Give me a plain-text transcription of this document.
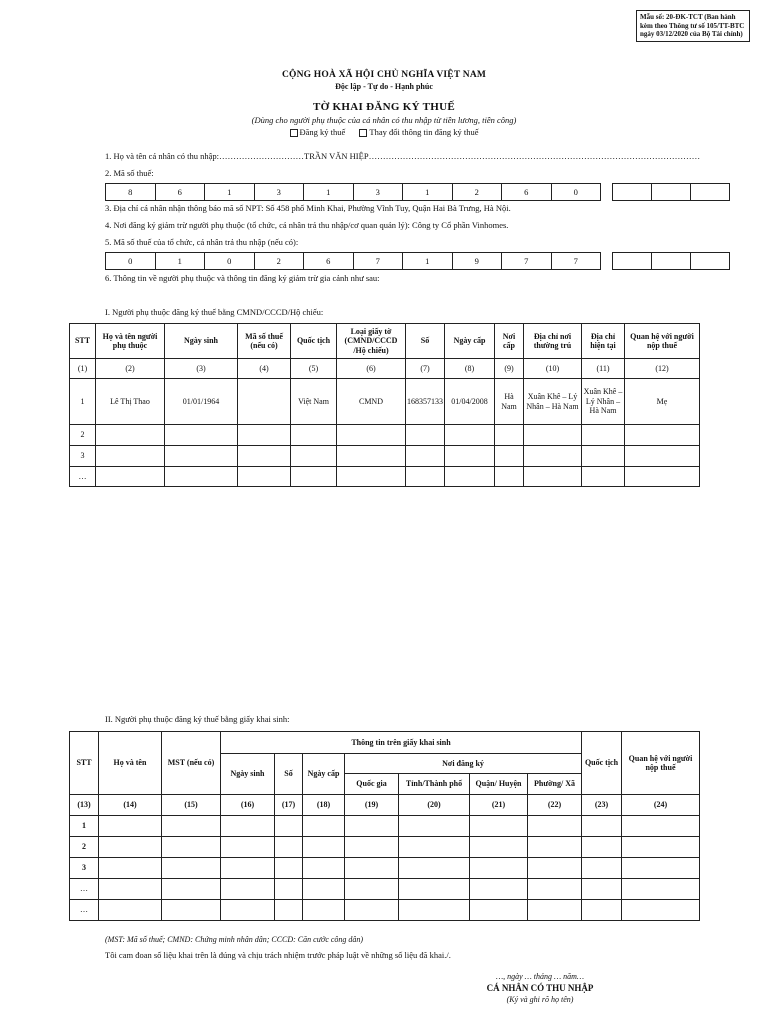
Mẫu số: 20-ĐK-TCT (Ban hành kèm theo Thông tư số 105/TT-BTC ngày 03/12/2020 của Bộ Tài chính)
CỘNG HOÀ XÃ HỘI CHỦ NGHĨA VIỆT NAM
Độc lập - Tự do - Hạnh phúc
TỜ KHAI ĐĂNG KÝ THUẾ
(Dùng cho người phụ thuộc của cá nhân có thu nhập từ tiền lương, tiền công)
Đăng ký thuế	Thay đổi thông tin đăng ký thuế
1. Họ và tên cá nhân có thu nhập:…………………………TRẦN VĂN HIỆP………………………………………………………………………………………………………
2. Mã số thuế:
8	6	1	3	1	3	1	2	6	0
3. Địa chỉ cá nhân nhận thông báo mã số NPT: Số 458 phố Minh Khai, Phường Vĩnh Tuy, Quận Hai Bà Trưng, Hà Nội.
4. Nơi đăng ký giảm trừ người phụ thuộc (tổ chức, cá nhân trả thu nhập/cơ quan quản lý): Công ty Cổ phần Vinhomes.
5. Mã số thuế của tổ chức, cá nhân trả thu nhập (nếu có):
0	1	0	2	6	7	1	9	7	7
6. Thông tin về người phụ thuộc và thông tin đăng ký giảm trừ gia cảnh như sau:
I. Người phụ thuộc đăng ký thuế bằng CMND/CCCD/Hộ chiếu:
STT	Họ và tên người phụ thuộc	Ngày sinh	Mã số thuế (nếu có)	Quốc tịch	Loại giấy tờ (CMND/CCCD /Hộ chiếu)	Số	Ngày cấp	Nơi cấp	Địa chỉ nơi thường trú	Địa chỉ hiện tại	Quan hệ với người nộp thuế
(1)	(2)	(3)	(4)	(5)	(6)	(7)	(8)	(9)	(10)	(11)	(12)
1	Lê Thị Thao	01/01/1964		Việt Nam	CMND	168357133	01/04/2008	Hà Nam	Xuân Khê – Lý Nhân – Hà Nam	Xuân Khê – Lý Nhân – Hà Nam	Mẹ
2											
3											
…											
II. Người phụ thuộc đăng ký thuế bằng giấy khai sinh:
STT	Họ và tên	MST (nếu có)	Thông tin trên giấy khai sinh							Quốc tịch	Quan hệ với người nộp thuế
			Ngày sinh	Số	Ngày cấp	Nơi đăng ký					
						Quốc gia	Tỉnh/Thành phố	Quận/ Huyện	Phường/ Xã		
(13)	(14)	(15)	(16)	(17)	(18)	(19)	(20)	(21)	(22)	(23)	(24)
1											
2											
3											
…											
…											
(MST: Mã số thuế; CMND: Chứng minh nhân dân; CCCD: Căn cước công dân)
Tôi cam đoan số liệu khai trên là đúng và chịu trách nhiệm trước pháp luật về những số liệu đã khai./.
…, ngày … tháng … năm…
CÁ NHÂN CÓ THU NHẬP
(Ký và ghi rõ họ tên)
